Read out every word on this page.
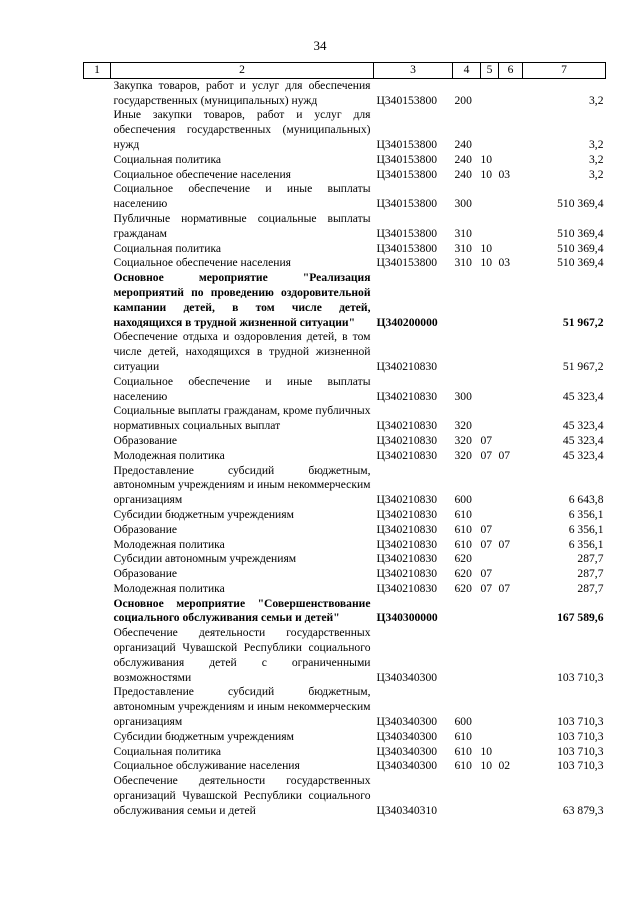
34
1	2	3	4	5	6	7
	Закупка товаров, работ и услуг для обеспечения государственных (муниципальных) нужд	Ц340153800	200			3,2
	Иные закупки товаров, работ и услуг для обеспечения государственных (муниципальных) нужд	Ц340153800	240			3,2
	Социальная политика	Ц340153800	240	10		3,2
	Социальное обеспечение населения	Ц340153800	240	10	03	3,2
	Социальное обеспечение и иные выплаты населению	Ц340153800	300			510 369,4
	Публичные нормативные социальные выплаты гражданам	Ц340153800	310			510 369,4
	Социальная политика	Ц340153800	310	10		510 369,4
	Социальное обеспечение населения	Ц340153800	310	10	03	510 369,4
	Основное мероприятие "Реализация мероприятий по проведению оздоровительной кампании детей, в том числе детей, находящихся в трудной жизненной ситуации"	Ц340200000				51 967,2
	Обеспечение отдыха и оздоровления детей, в том числе детей, находящихся в трудной жизненной ситуации	Ц340210830				51 967,2
	Социальное обеспечение и иные выплаты населению	Ц340210830	300			45 323,4
	Социальные выплаты гражданам, кроме публичных нормативных социальных выплат	Ц340210830	320			45 323,4
	Образование	Ц340210830	320	07		45 323,4
	Молодежная политика	Ц340210830	320	07	07	45 323,4
	Предоставление субсидий бюджетным, автономным учреждениям и иным некоммерческим организациям	Ц340210830	600			6 643,8
	Субсидии бюджетным учреждениям	Ц340210830	610			6 356,1
	Образование	Ц340210830	610	07		6 356,1
	Молодежная политика	Ц340210830	610	07	07	6 356,1
	Субсидии автономным учреждениям	Ц340210830	620			287,7
	Образование	Ц340210830	620	07		287,7
	Молодежная политика	Ц340210830	620	07	07	287,7
	Основное мероприятие "Совершенствование социального обслуживания семьи и детей"	Ц340300000				167 589,6
	Обеспечение деятельности государственных организаций Чувашской Республики социального обслуживания детей с ограниченными возможностями	Ц340340300				103 710,3
	Предоставление субсидий бюджетным, автономным учреждениям и иным некоммерческим организациям	Ц340340300	600			103 710,3
	Субсидии бюджетным учреждениям	Ц340340300	610			103 710,3
	Социальная политика	Ц340340300	610	10		103 710,3
	Социальное обслуживание населения	Ц340340300	610	10	02	103 710,3
	Обеспечение деятельности государственных организаций Чувашской Республики социального обслуживания семьи и детей	Ц340340310				63 879,3
